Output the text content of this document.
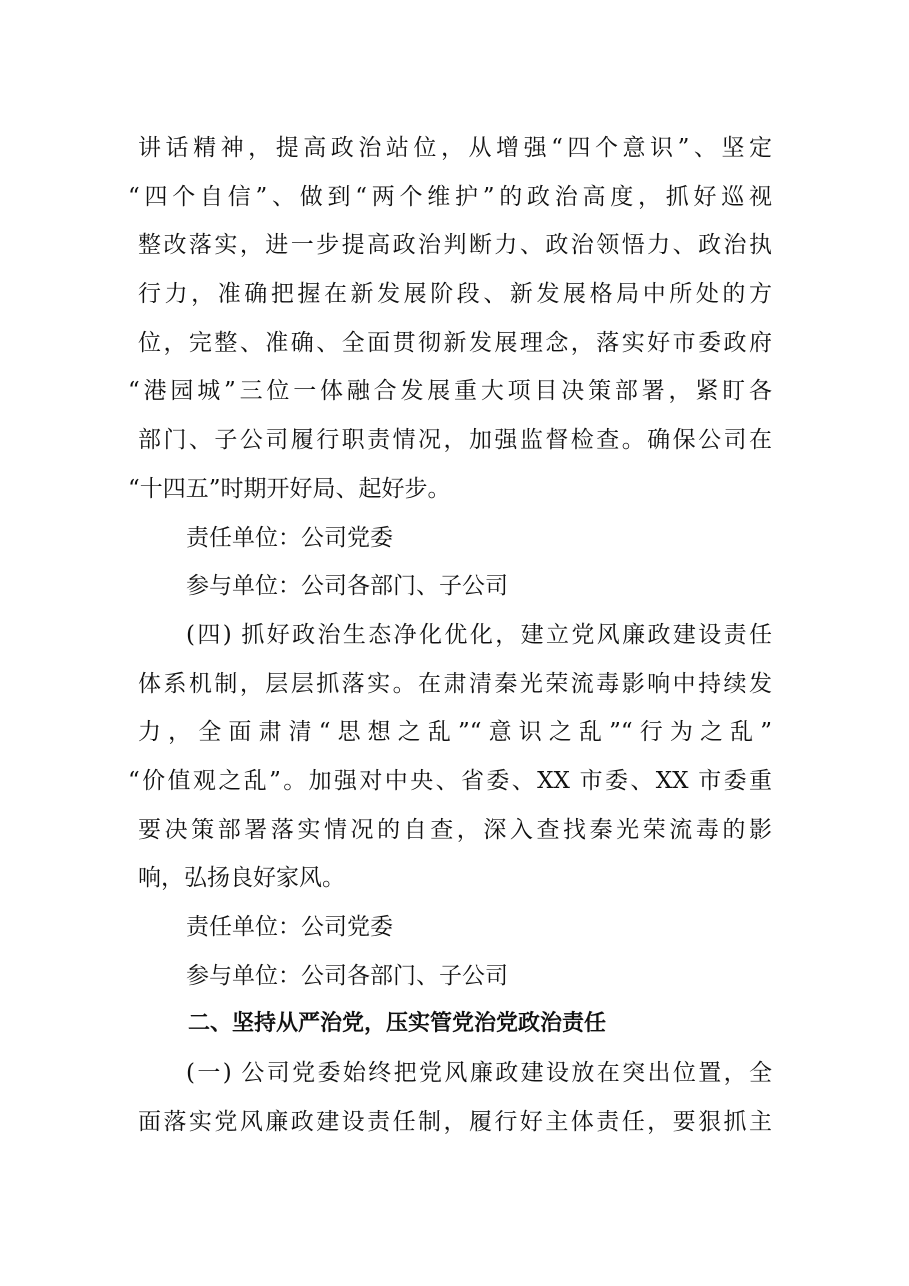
讲话精神，提高政治站位，从增强“四个意识”、坚定
“四个自信”、做到“两个维护”的政治高度，抓好巡视
整改落实，进一步提高政治判断力、政治领悟力、政治执
行力，准确把握在新发展阶段、新发展格局中所处的方
位，完整、准确、全面贯彻新发展理念，落实好市委政府
“港园城”三位一体融合发展重大项目决策部署，紧盯各
部门、子公司履行职责情况，加强监督检查。确保公司在
“十四五”时期开好局、起好步。
责任单位：公司党委
参与单位：公司各部门、子公司
(四) 抓好政治生态净化优化，建立党风廉政建设责任
体系机制，层层抓落实。在肃清秦光荣流毒影响中持续发
力，全面肃清“思想之乱”“意识之乱”“行为之乱”
“价值观之乱”。加强对中央、省委、XX 市委、XX 市委重
要决策部署落实情况的自查，深入查找秦光荣流毒的影
响，弘扬良好家风。
责任单位：公司党委
参与单位：公司各部门、子公司
二、坚持从严治党，压实管党治党政治责任
(一) 公司党委始终把党风廉政建设放在突出位置，全
面落实党风廉政建设责任制，履行好主体责任，要狠抓主
